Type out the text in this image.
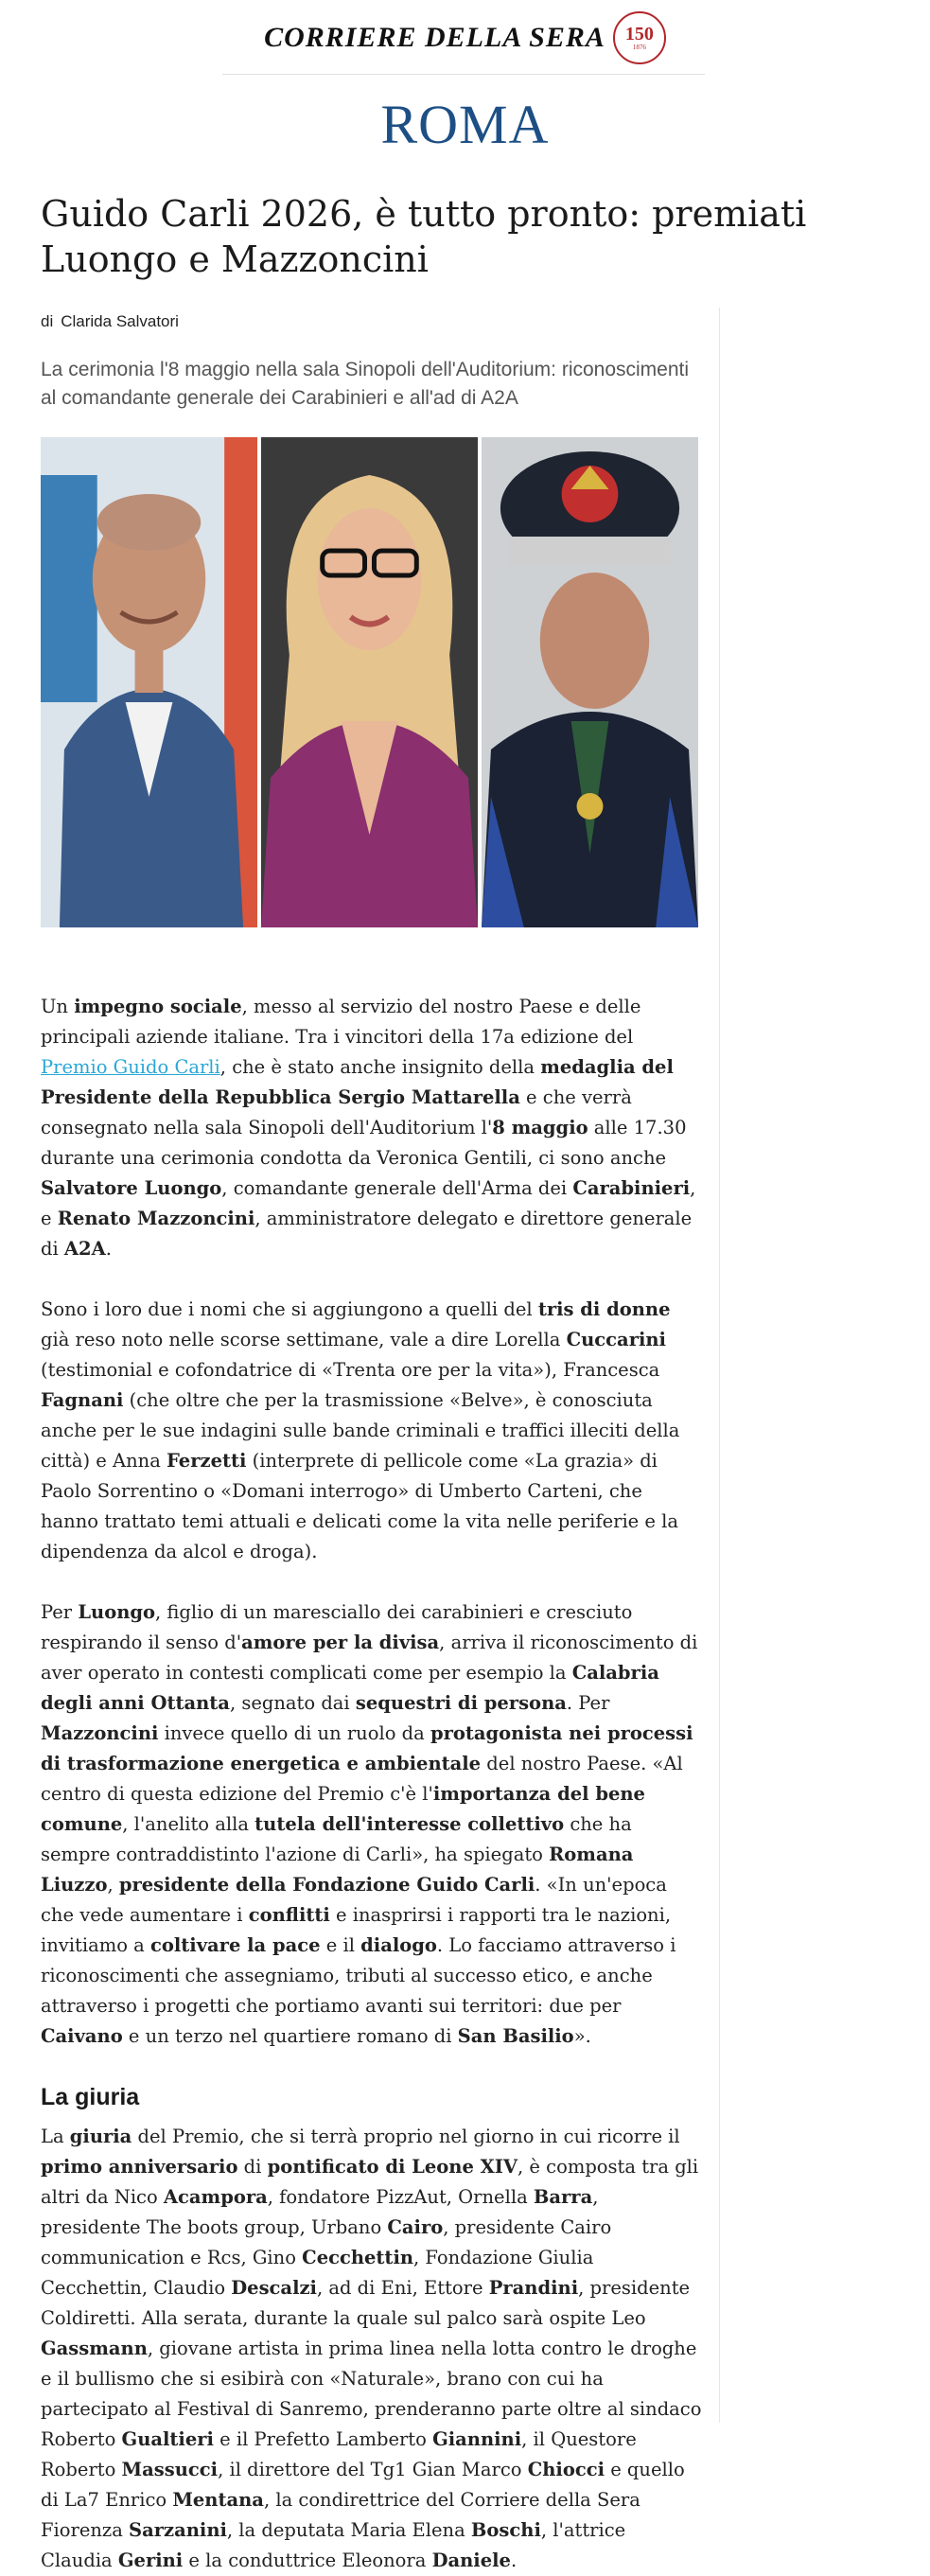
CORRIERE DELLA SERA 150
1876
ROMA
Guido Carli 2026, è tutto pronto: premiati Luongo e Mazzoncini
di Clarida Salvatori
La cerimonia l'8 maggio nella sala Sinopoli dell'Auditorium: riconoscimenti al comandante generale dei Carabinieri e all'ad di A2A

Un impegno sociale, messo al servizio del nostro Paese e delle principali aziende italiane. Tra i vincitori della 17a edizione del Premio Guido Carli, che è stato anche insignito della medaglia del Presidente della Repubblica Sergio Mattarella e che verrà consegnato nella sala Sinopoli dell'Auditorium l'8 maggio alle 17.30 durante una cerimonia condotta da Veronica Gentili, ci sono anche Salvatore Luongo, comandante generale dell'Arma dei Carabinieri, e Renato Mazzoncini, amministratore delegato e direttore generale di A2A.

Sono i loro due i nomi che si aggiungono a quelli del tris di donne già reso noto nelle scorse settimane, vale a dire Lorella Cuccarini (testimonial e cofondatrice di «Trenta ore per la vita»), Francesca Fagnani (che oltre che per la trasmissione «Belve», è conosciuta anche per le sue indagini sulle bande criminali e traffici illeciti della città) e Anna Ferzetti (interprete di pellicole come «La grazia» di Paolo Sorrentino o «Domani interrogo» di Umberto Carteni, che hanno trattato temi attuali e delicati come la vita nelle periferie e la dipendenza da alcol e droga).

Per Luongo, figlio di un maresciallo dei carabinieri e cresciuto respirando il senso d'amore per la divisa, arriva il riconoscimento di aver operato in contesti complicati come per esempio la Calabria degli anni Ottanta, segnato dai sequestri di persona. Per Mazzoncini invece quello di un ruolo da protagonista nei processi di trasformazione energetica e ambientale del nostro Paese. «Al centro di questa edizione del Premio c'è l'importanza del bene comune, l'anelito alla tutela dell'interesse collettivo che ha sempre contraddistinto l'azione di Carli», ha spiegato Romana Liuzzo, presidente della Fondazione Guido Carli. «In un'epoca che vede aumentare i conflitti e inasprirsi i rapporti tra le nazioni, invitiamo a coltivare la pace e il dialogo. Lo facciamo attraverso i riconoscimenti che assegniamo, tributi al successo etico, e anche attraverso i progetti che portiamo avanti sui territori: due per Caivano e un terzo nel quartiere romano di San Basilio».

La giuria

La giuria del Premio, che si terrà proprio nel giorno in cui ricorre il primo anniversario di pontificato di Leone XIV, è composta tra gli altri da Nico Acampora, fondatore PizzAut, Ornella Barra, presidente The boots group, Urbano Cairo, presidente Cairo communication e Rcs, Gino Cecchettin, Fondazione Giulia Cecchettin, Claudio Descalzi, ad di Eni, Ettore Prandini, presidente Coldiretti. Alla serata, durante la quale sul palco sarà ospite Leo Gassmann, giovane artista in prima linea nella lotta contro le droghe e il bullismo che si esibirà con «Naturale», brano con cui ha partecipato al Festival di Sanremo, prenderanno parte oltre al sindaco Roberto Gualtieri e il Prefetto Lamberto Giannini, il Questore Roberto Massucci, il direttore del Tg1 Gian Marco Chiocci e quello di La7 Enrico Mentana, la condirettrice del Corriere della Sera Fiorenza Sarzanini, la deputata Maria Elena Boschi, l'attrice Claudia Gerini e la conduttrice Eleonora Daniele.
